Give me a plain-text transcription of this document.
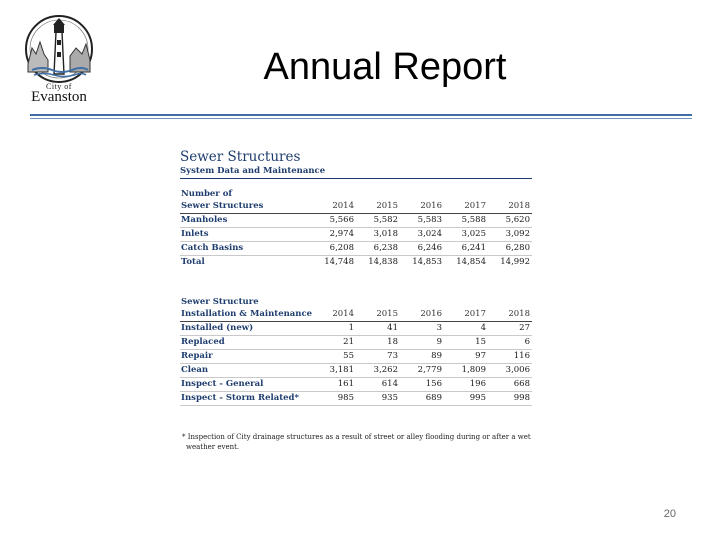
City of
Evanston
Annual Report
Sewer Structures
System Data and Maintenance
Number of					
Sewer Structures	2014	2015	2016	2017	2018
Manholes	5,566	5,582	5,583	5,588	5,620
Inlets	2,974	3,018	3,024	3,025	3,092
Catch Basins	6,208	6,238	6,246	6,241	6,280
Total	14,748	14,838	14,853	14,854	14,992
Sewer Structure					
Installation & Maintenance	2014	2015	2016	2017	2018
Installed (new)	1	41	3	4	27
Replaced	21	18	9	15	6
Repair	55	73	89	97	116
Clean	3,181	3,262	2,779	1,809	3,006
Inspect - General	161	614	156	196	668
Inspect - Storm Related*	985	935	689	995	998
* Inspection of City drainage structures as a result of street or alley flooding during or after a wet
weather event.
20
